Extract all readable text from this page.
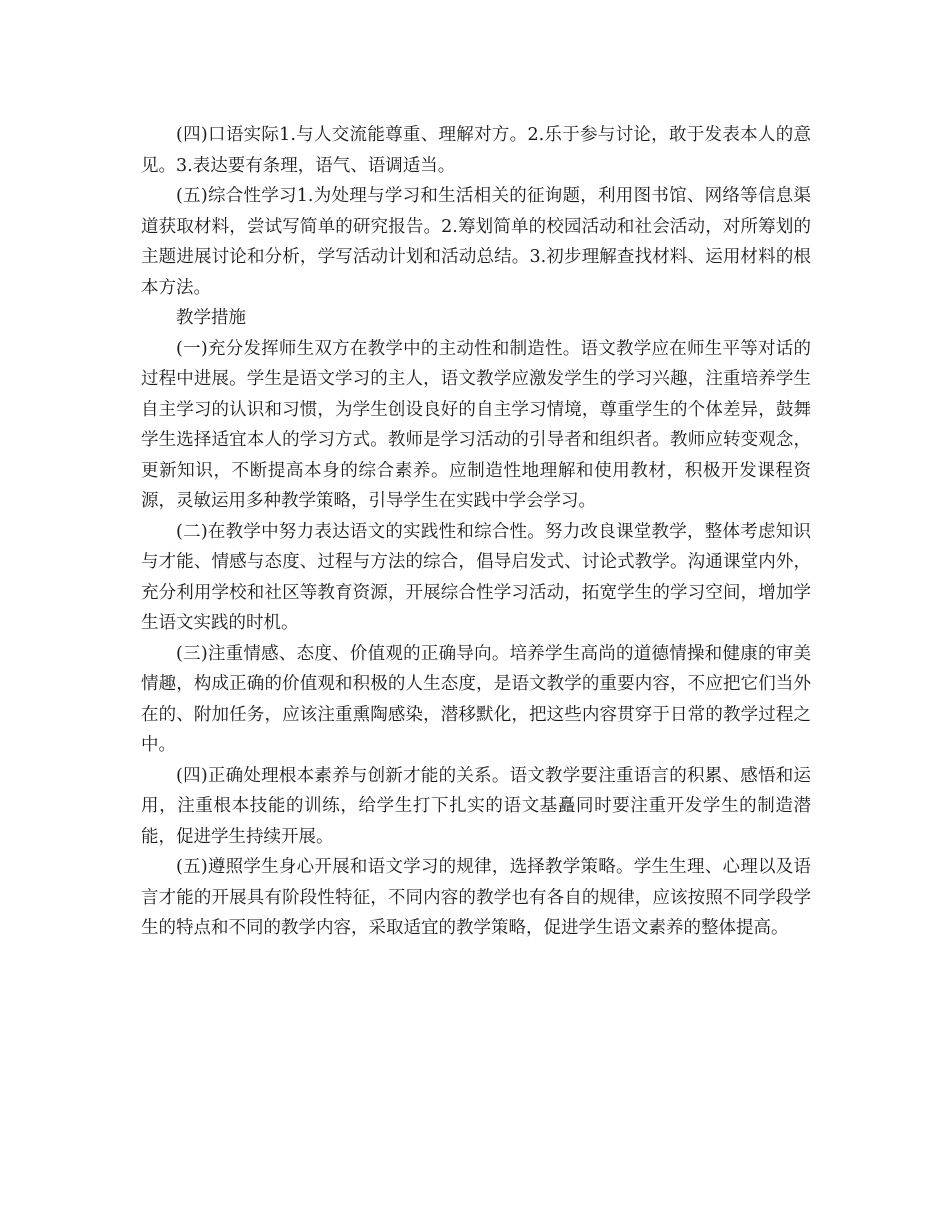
(四)口语实际1.与人交流能尊重、理解对方。2.乐于参与讨论，敢于发表本人的意见。3.表达要有条理，语气、语调适当。

(五)综合性学习1.为处理与学习和生活相关的征询题，利用图书馆、网络等信息渠道获取材料，尝试写简单的研究报告。2.筹划简单的校园活动和社会活动，对所筹划的主题进展讨论和分析，学写活动计划和活动总结。3.初步理解查找材料、运用材料的根本方法。

教学措施

(一)充分发挥师生双方在教学中的主动性和制造性。语文教学应在师生平等对话的过程中进展。学生是语文学习的主人，语文教学应激发学生的学习兴趣，注重培养学生自主学习的认识和习惯，为学生创设良好的自主学习情境，尊重学生的个体差异，鼓舞学生选择适宜本人的学习方式。教师是学习活动的引导者和组织者。教师应转变观念，更新知识，不断提高本身的综合素养。应制造性地理解和使用教材，积极开发课程资源，灵敏运用多种教学策略，引导学生在实践中学会学习。

(二)在教学中努力表达语文的实践性和综合性。努力改良课堂教学，整体考虑知识与才能、情感与态度、过程与方法的综合，倡导启发式、讨论式教学。沟通课堂内外，充分利用学校和社区等教育资源，开展综合性学习活动，拓宽学生的学习空间，增加学生语文实践的时机。

(三)注重情感、态度、价值观的正确导向。培养学生高尚的道德情操和健康的审美情趣，构成正确的价值观和积极的人生态度，是语文教学的重要内容，不应把它们当外在的、附加任务，应该注重熏陶感染，潜移默化，把这些内容贯穿于日常的教学过程之中。

(四)正确处理根本素养与创新才能的关系。语文教学要注重语言的积累、感悟和运用，注重根本技能的训练，给学生打下扎实的语文基矗同时要注重开发学生的制造潜能，促进学生持续开展。

(五)遵照学生身心开展和语文学习的规律，选择教学策略。学生生理、心理以及语言才能的开展具有阶段性特征，不同内容的教学也有各自的规律，应该按照不同学段学生的特点和不同的教学内容，采取适宜的教学策略，促进学生语文素养的整体提高。
